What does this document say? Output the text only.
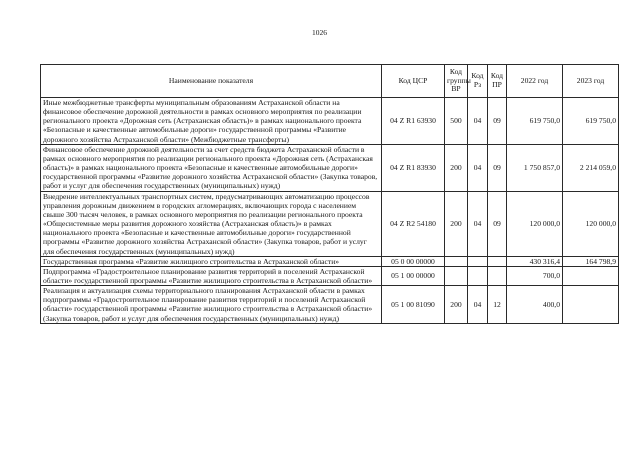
1026
Наименование показателя	Код ЦСР	Код группы ВР	Код Рз	Код ПР	2022 год	2023 год
Иные межбюджетные трансферты муниципальным образованиям Астраханской области на финансовое обеспечение дорожной деятельности в рамках основного мероприятия по реализации регионального проекта «Дорожная сеть (Астраханская область)» в рамках национального проекта «Безопасные и качественные автомобильные дороги» государственной программы «Развитие дорожного хозяйства Астраханской области» (Межбюджетные трансферты)	04 Z R1 63930	500	04	09	619 750,0	619 750,0
Финансовое обеспечение дорожной деятельности за счет средств бюджета Астраханской области в рамках основного мероприятия по реализации регионального проекта «Дорожная сеть (Астраханская область)» в рамках национального проекта «Безопасные и качественные автомобильные дороги» государственной программы «Развитие дорожного хозяйства Астраханской области» (Закупка товаров, работ и услуг для обеспечения государственных (муниципальных) нужд)	04 Z R1 83930	200	04	09	1 750 857,0	2 214 059,0
Внедрение интеллектуальных транспортных систем, предусматривающих автоматизацию процессов управления дорожным движением в городских агломерациях, включающих города с населением свыше 300 тысяч человек, в рамках основного мероприятия по реализации регионального проекта «Общесистемные меры развития дорожного хозяйства (Астраханская область)» в рамках национального проекта «Безопасные и качественные автомобильные дороги» государственной программы «Развитие дорожного хозяйства Астраханской области» (Закупка товаров, работ и услуг для обеспечения государственных (муниципальных) нужд)	04 Z R2 54180	200	04	09	120 000,0	120 000,0
Государственная программа «Развитие жилищного строительства в Астраханской области»	05 0 00 00000				430 316,4	164 798,9
Подпрограмма «Градостроительное планирование развития территорий в поселений Астраханской области» государственной программы «Развитие жилищного строительства в Астраханской области»	05 1 00 00000				700,0	
Реализация и актуализация схемы территориального планирования Астраханской области в рамках подпрограммы «Градостроительное планирование развития территорий и поселений Астраханской области» государственной программы «Развитие жилищного строительства в Астраханской области» (Закупка товаров, работ и услуг для обеспечения государственных (муниципальных) нужд)	05 1 00 81090	200	04	12	400,0	
